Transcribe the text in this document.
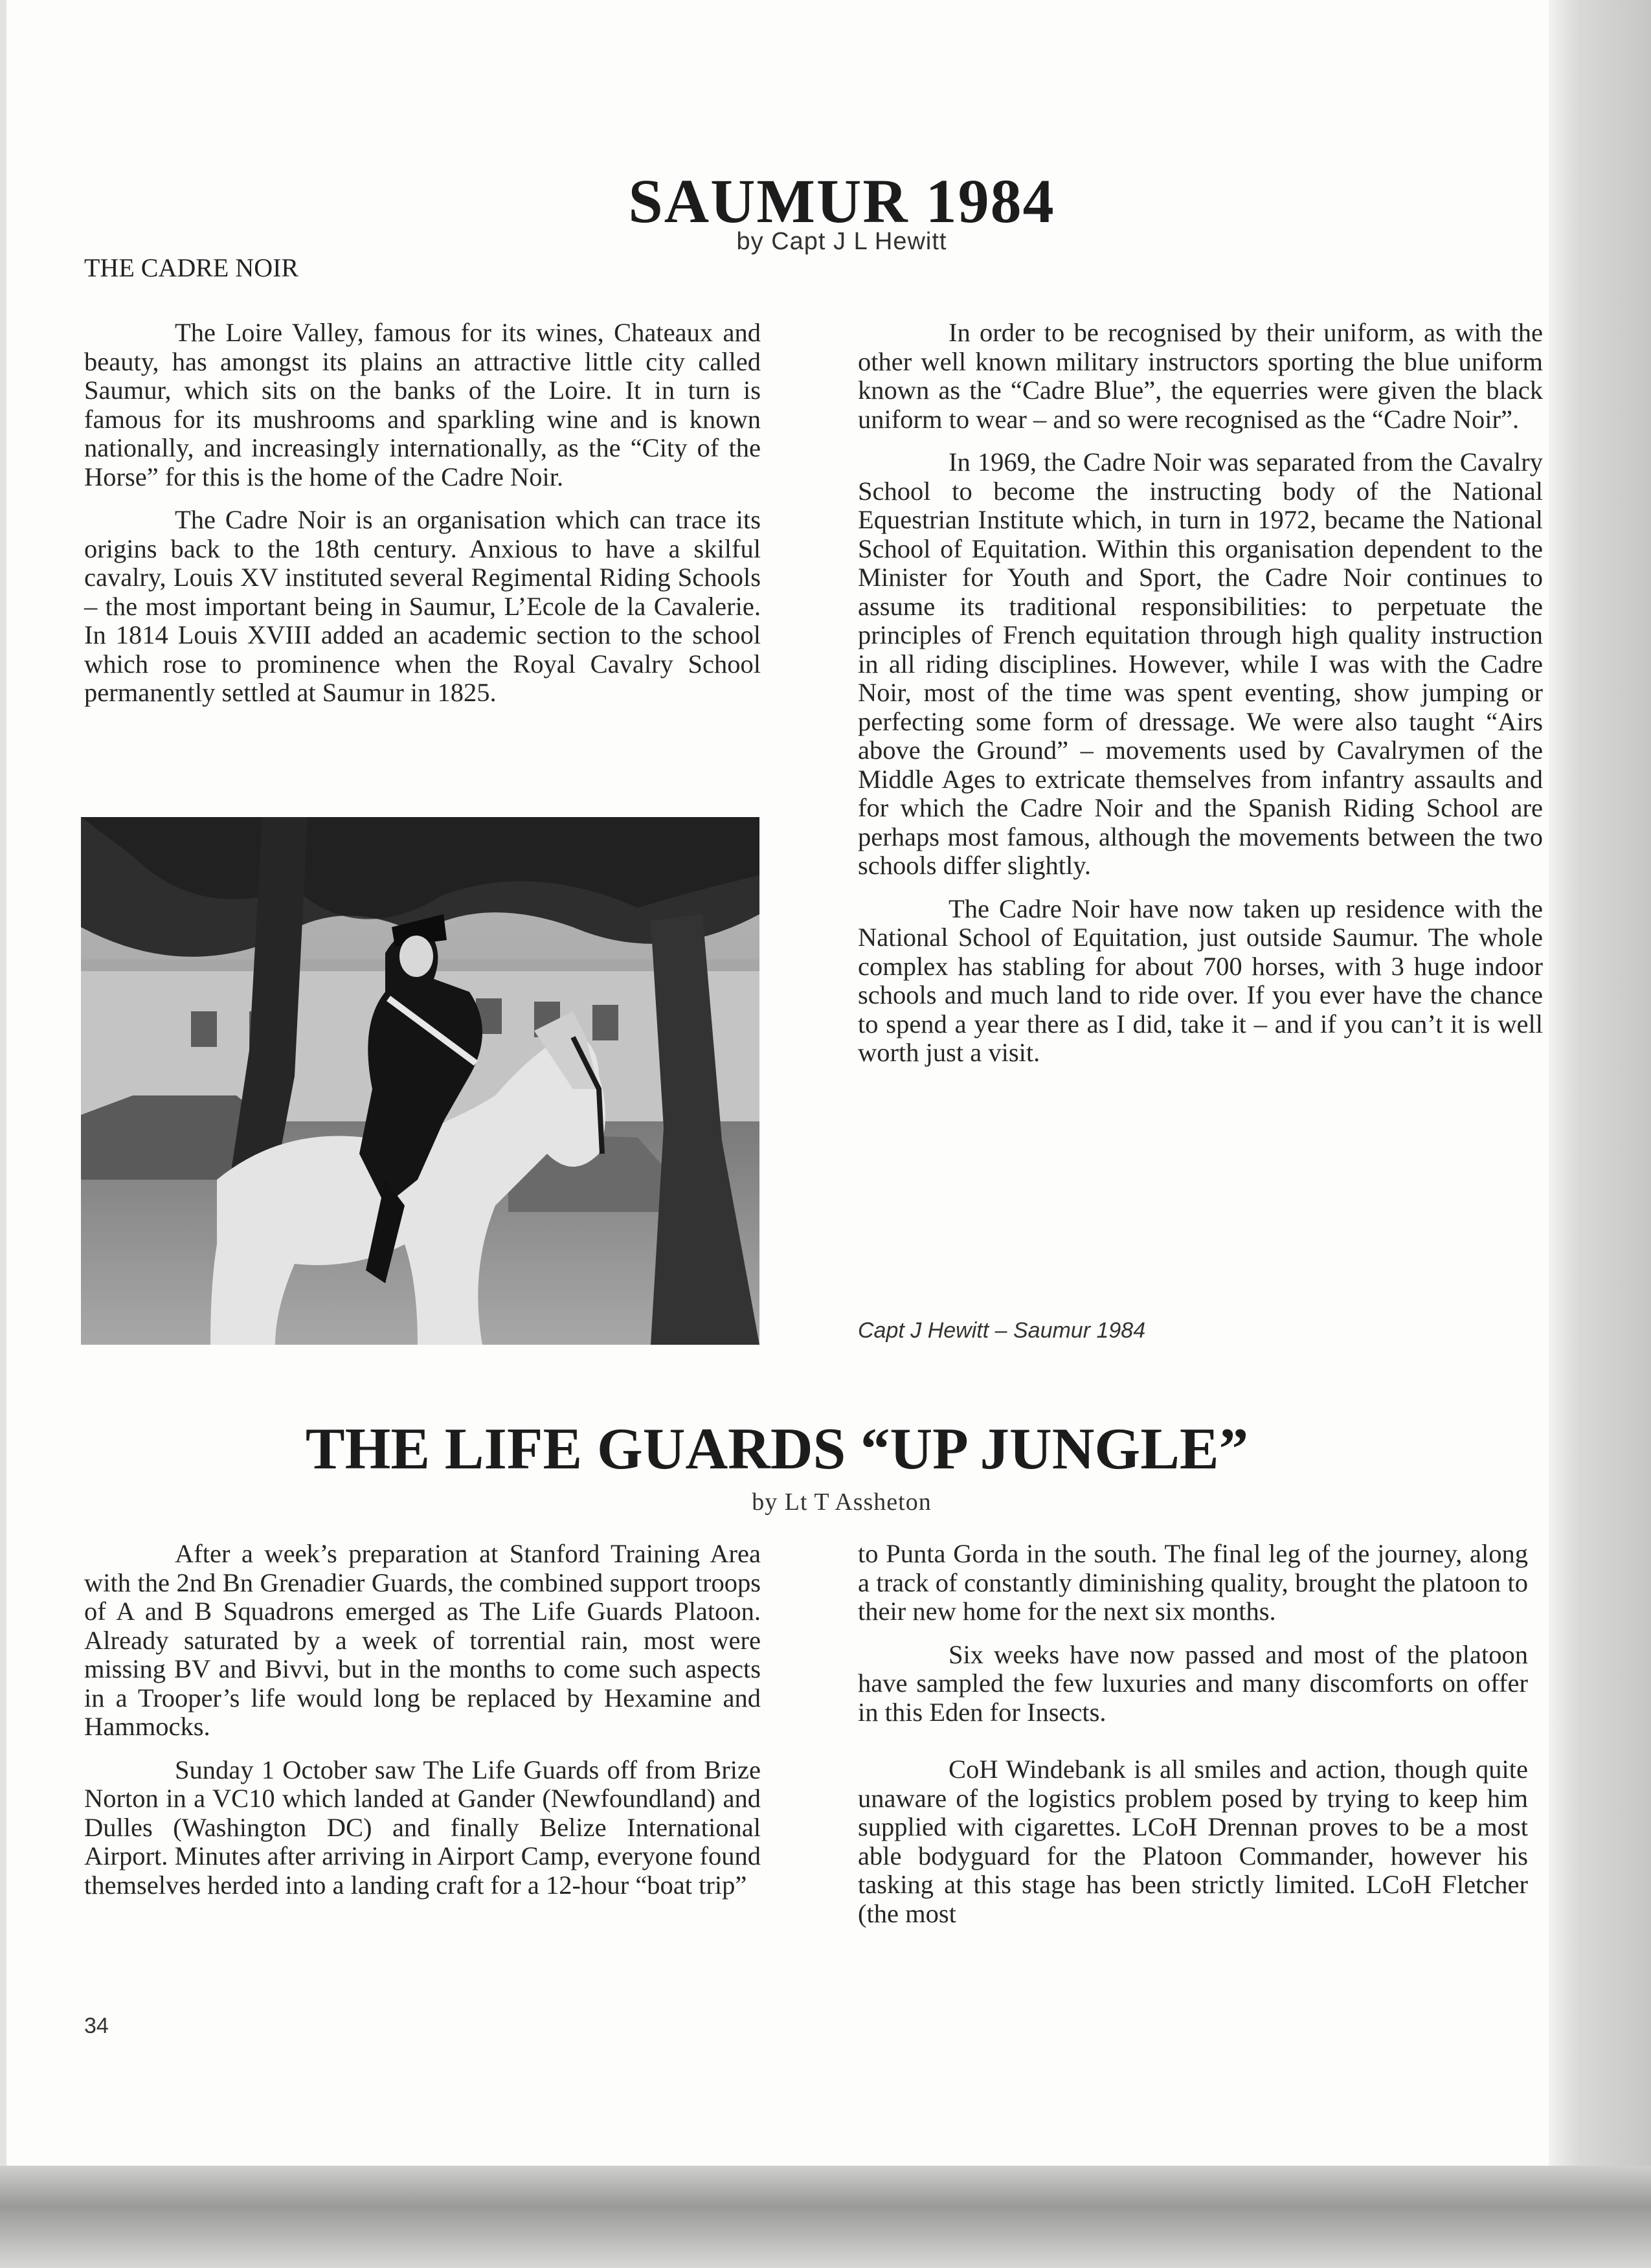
SAUMUR 1984
by Capt J L Hewitt
THE CADRE NOIR

The Loire Valley, famous for its wines, Chateaux and beauty, has amongst its plains an attractive little city called Saumur, which sits on the banks of the Loire. It in turn is famous for its mushrooms and sparkling wine and is known nationally, and increasingly internationally, as the “City of the Horse” for this is the home of the Cadre Noir.

The Cadre Noir is an organisation which can trace its origins back to the 18th century. Anxious to have a skilful cavalry, Louis XV instituted several Regimental Riding Schools – the most important being in Saumur, L’Ecole de la Cavalerie. In 1814 Louis XVIII added an academic section to the school which rose to prominence when the Royal Cavalry School permanently settled at Saumur in 1825.

In order to be recognised by their uniform, as with the other well known military instructors sporting the blue uniform known as the “Cadre Blue”, the equerries were given the black uniform to wear – and so were recognised as the “Cadre Noir”.

In 1969, the Cadre Noir was separated from the Cavalry School to become the instructing body of the National Equestrian Institute which, in turn in 1972, became the National School of Equitation. Within this organisation dependent to the Minister for Youth and Sport, the Cadre Noir continues to assume its traditional responsibilities: to perpetuate the principles of French equitation through high quality instruction in all riding disciplines. However, while I was with the Cadre Noir, most of the time was spent eventing, show jumping or perfecting some form of dressage. We were also taught “Airs above the Ground” – movements used by Cavalrymen of the Middle Ages to extricate themselves from infantry assaults and for which the Cadre Noir and the Spanish Riding School are perhaps most famous, although the movements between the two schools differ slightly.

The Cadre Noir have now taken up residence with the National School of Equitation, just outside Saumur. The whole complex has stabling for about 700 horses, with 3 huge indoor schools and much land to ride over. If you ever have the chance to spend a year there as I did, take it – and if you can’t it is well worth just a visit.

Capt J Hewitt – Saumur 1984
THE LIFE GUARDS “UP JUNGLE”
by Lt T Assheton

After a week’s preparation at Stanford Training Area with the 2nd Bn Grenadier Guards, the combined support troops of A and B Squadrons emerged as The Life Guards Platoon. Already saturated by a week of torrential rain, most were missing BV and Bivvi, but in the months to come such aspects in a Trooper’s life would long be replaced by Hexamine and Hammocks.

Sunday 1 October saw The Life Guards off from Brize Norton in a VC10 which landed at Gander (Newfoundland) and Dulles (Washington DC) and finally Belize International Airport. Minutes after arriving in Airport Camp, everyone found themselves herded into a landing craft for a 12-hour “boat trip”

to Punta Gorda in the south. The final leg of the journey, along a track of constantly diminishing quality, brought the platoon to their new home for the next six months.

Six weeks have now passed and most of the platoon have sampled the few luxuries and many discomforts on offer in this Eden for Insects.

CoH Windebank is all smiles and action, though quite unaware of the logistics problem posed by trying to keep him supplied with cigarettes. LCoH Drennan proves to be a most able bodyguard for the Platoon Commander, however his tasking at this stage has been strictly limited. LCoH Fletcher (the most

34
